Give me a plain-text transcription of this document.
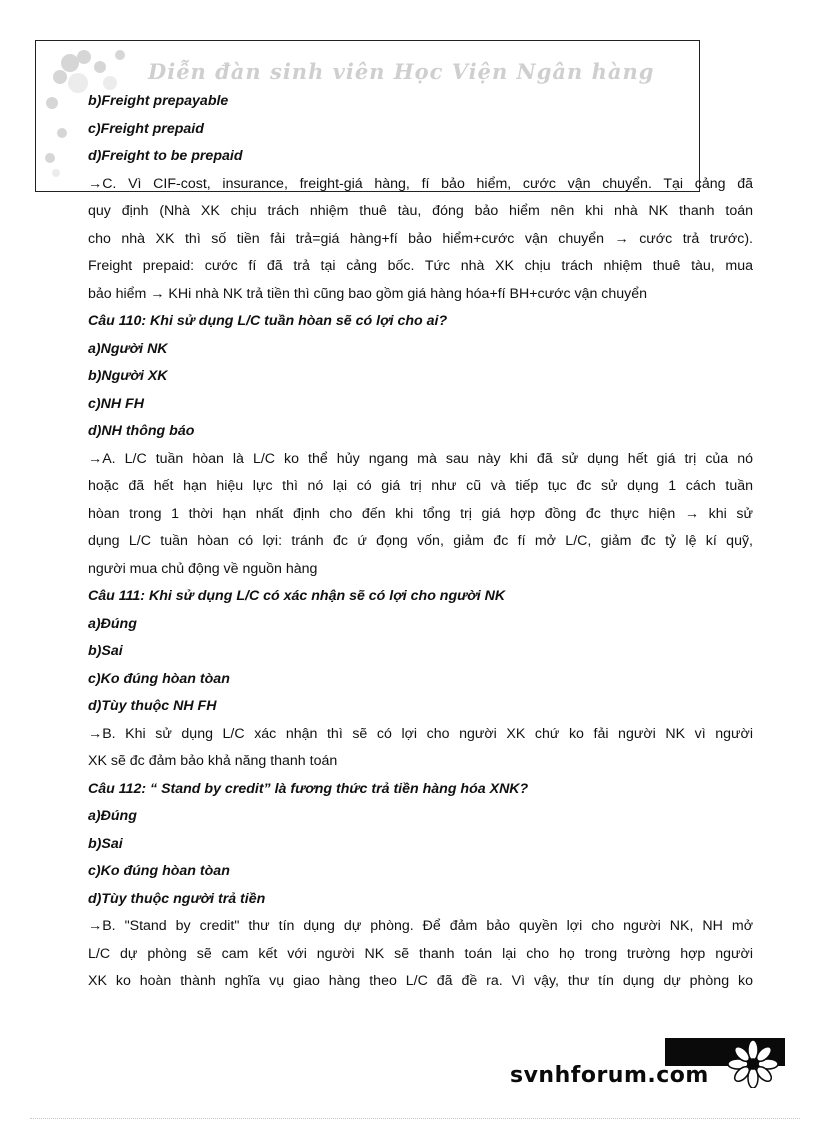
Diễn đàn sinh viên Học Viện Ngân hàng
b)Freight prepayable
c)Freight prepaid
d)Freight to be prepaid
→C. Vì CIF-cost, insurance, freight-giá hàng, fí bảo hiểm, cước vận chuyển. Tại cảng đã
quy định (Nhà XK chịu trách nhiệm thuê tàu, đóng bảo hiểm nên khi nhà NK thanh toán
cho nhà XK thì số tiền fải trả=giá hàng+fí bảo hiểm+cước vận chuyển → cước trả trước).
Freight prepaid: cước fí đã trả tại cảng bốc. Tức nhà XK chịu trách nhiệm thuê tàu, mua
bảo hiểm → KHi nhà NK trả tiền thì cũng bao gồm giá hàng hóa+fí BH+cước vận chuyển
Câu 110: Khi sử dụng L/C tuần hòan sẽ có lợi cho ai?
a)Người NK
b)Người XK
c)NH FH
d)NH thông báo
→A. L/C tuần hòan là L/C ko thể hủy ngang mà sau này khi đã sử dụng hết giá trị của nó
hoặc đã hết hạn hiệu lực thì nó lại có giá trị như cũ và tiếp tục đc sử dụng 1 cách tuần
hòan trong 1 thời hạn nhất định cho đến khi tổng trị giá hợp đồng đc thực hiện → khi sử
dụng L/C tuần hòan có lợi: tránh đc ứ đọng vốn, giảm đc fí mở L/C, giảm đc tỷ lệ kí quỹ,
người mua chủ động về nguồn hàng
Câu 111: Khi sử dụng L/C có xác nhận sẽ có lợi cho người NK
a)Đúng
b)Sai
c)Ko đúng hòan tòan
d)Tùy thuộc NH FH
→B. Khi sử dụng L/C xác nhận thì sẽ có lợi cho người XK chứ ko fải người NK vì người
XK sẽ đc đảm bảo khả năng thanh toán
Câu 112: “ Stand by credit” là fương thức trả tiền hàng hóa XNK?
a)Đúng
b)Sai
c)Ko đúng hòan tòan
d)Tùy thuộc người trả tiền
→B. "Stand by credit" thư tín dụng dự phòng. Để đảm bảo quyền lợi cho người NK, NH mở
L/C dự phòng sẽ cam kết với người NK sẽ thanh toán lại cho họ trong trường hợp người
XK ko hoàn thành nghĩa vụ giao hàng theo L/C đã đề ra. Vì vậy, thư tín dụng dự phòng ko
svnhforum.com
